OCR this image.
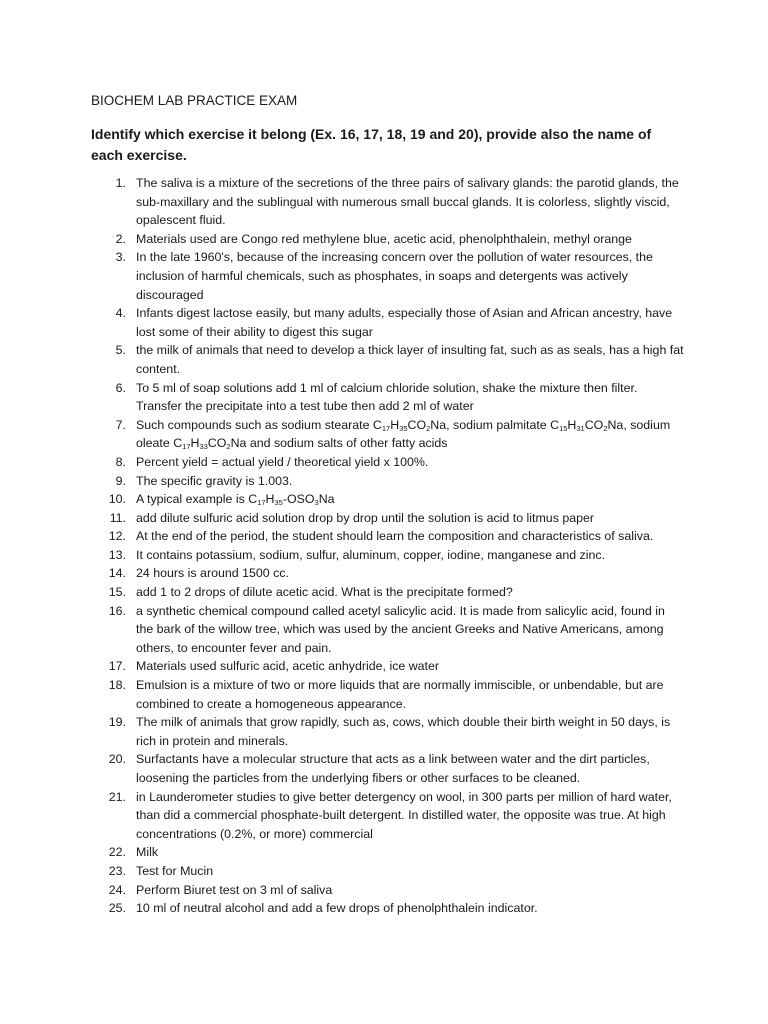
BIOCHEM LAB PRACTICE EXAM
Identify which exercise it belong (Ex. 16, 17, 18, 19 and 20), provide also the name of each exercise.
1. The saliva is a mixture of the secretions of the three pairs of salivary glands: the parotid glands, the sub-maxillary and the sublingual with numerous small buccal glands. It is colorless, slightly viscid, opalescent fluid.
2. Materials used are Congo red methylene blue, acetic acid, phenolphthalein, methyl orange
3. In the late 1960's, because of the increasing concern over the pollution of water resources, the inclusion of harmful chemicals, such as phosphates, in soaps and detergents was actively discouraged
4. Infants digest lactose easily, but many adults, especially those of Asian and African ancestry, have lost some of their ability to digest this sugar
5. the milk of animals that need to develop a thick layer of insulting fat, such as as seals, has a high fat content.
6. To 5 ml of soap solutions add 1 ml of calcium chloride solution, shake the mixture then filter. Transfer the precipitate into a test tube then add 2 ml of water
7. Such compounds such as sodium stearate $C_{17}H_{35}CO_2Na$, sodium palmitate $C_{15}H_{31}CO_2Na$, sodium oleate $C_{17}H_{33}CO_2Na$ and sodium salts of other fatty acids
8. Percent yield = actual yield / theoretical yield x 100%.
9. The specific gravity is 1.003.
10. A typical example is $C_{17}H_{35}-OSO_3Na$
11. add dilute sulfuric acid solution drop by drop until the solution is acid to litmus paper
12. At the end of the period, the student should learn the composition and characteristics of saliva.
13. It contains potassium, sodium, sulfur, aluminum, copper, iodine, manganese and zinc.
14. 24 hours is around 1500 cc.
15. add 1 to 2 drops of dilute acetic acid. What is the precipitate formed?
16. a synthetic chemical compound called acetyl salicylic acid. It is made from salicylic acid, found in the bark of the willow tree, which was used by the ancient Greeks and Native Americans, among others, to encounter fever and pain.
17. Materials used sulfuric acid, acetic anhydride, ice water
18. Emulsion is a mixture of two or more liquids that are normally immiscible, or unbendable, but are combined to create a homogeneous appearance.
19. The milk of animals that grow rapidly, such as, cows, which double their birth weight in 50 days, is rich in protein and minerals.
20. Surfactants have a molecular structure that acts as a link between water and the dirt particles, loosening the particles from the underlying fibers or other surfaces to be cleaned.
21. in Launderometer studies to give better detergency on wool, in 300 parts per million of hard water, than did a commercial phosphate-built detergent. In distilled water, the opposite was true. At high concentrations (0.2%, or more) commercial
22. Milk
23. Test for Mucin
24. Perform Biuret test on 3 ml of saliva
25. 10 ml of neutral alcohol and add a few drops of phenolphthalein indicator.
